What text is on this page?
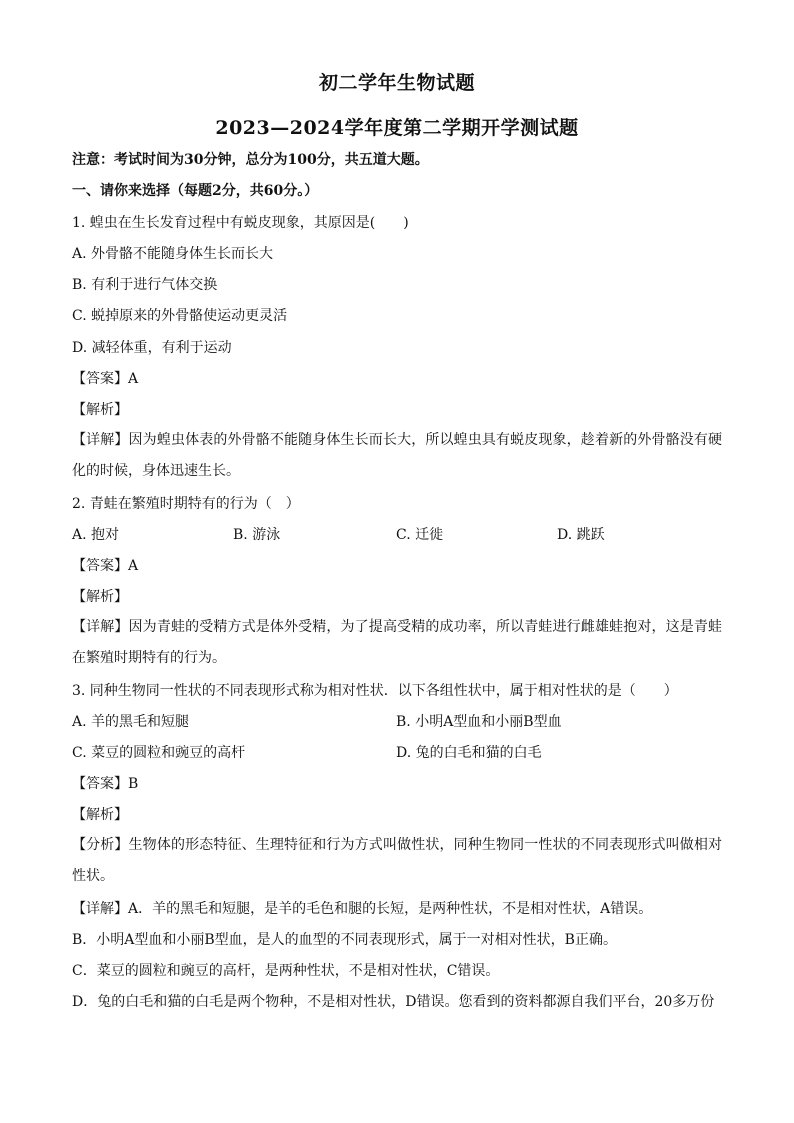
初二学年生物试题
2023—2024学年度第二学期开学测试题
注意：考试时间为30分钟，总分为100分，共五道大题。
一、请你来选择（每题2分，共60分。）
1. 蝗虫在生长发育过程中有蜕皮现象，其原因是(　　)
A. 外骨骼不能随身体生长而长大
B. 有利于进行气体交换
C. 蜕掉原来的外骨骼使运动更灵活
D. 减轻体重，有利于运动
【答案】A
【解析】
【详解】因为蝗虫体表的外骨骼不能随身体生长而长大，所以蝗虫具有蜕皮现象，趁着新的外骨骼没有硬化的时候，身体迅速生长。
2. 青蛙在繁殖时期特有的行为（　）
A. 抱对	B. 游泳	C. 迁徙	D. 跳跃
【答案】A
【解析】
【详解】因为青蛙的受精方式是体外受精，为了提高受精的成功率，所以青蛙进行雌雄蛙抱对，这是青蛙在繁殖时期特有的行为。
3. 同种生物同一性状的不同表现形式称为相对性状．以下各组性状中，属于相对性状的是（　　）
A. 羊的黑毛和短腿	B. 小明A型血和小丽B型血
C. 菜豆的圆粒和豌豆的高杆	D. 兔的白毛和猫的白毛
【答案】B
【解析】
【分析】生物体的形态特征、生理特征和行为方式叫做性状，同种生物同一性状的不同表现形式叫做相对性状。
【详解】A．羊的黑毛和短腿，是羊的毛色和腿的长短，是两种性状，不是相对性状，A错误。
B．小明A型血和小丽B型血，是人的血型的不同表现形式，属于一对相对性状，B正确。
C．菜豆的圆粒和豌豆的高杆，是两种性状，不是相对性状，C错误。
D．兔的白毛和猫的白毛是两个物种，不是相对性状，D错误。您看到的资料都源自我们平台，20多万份
